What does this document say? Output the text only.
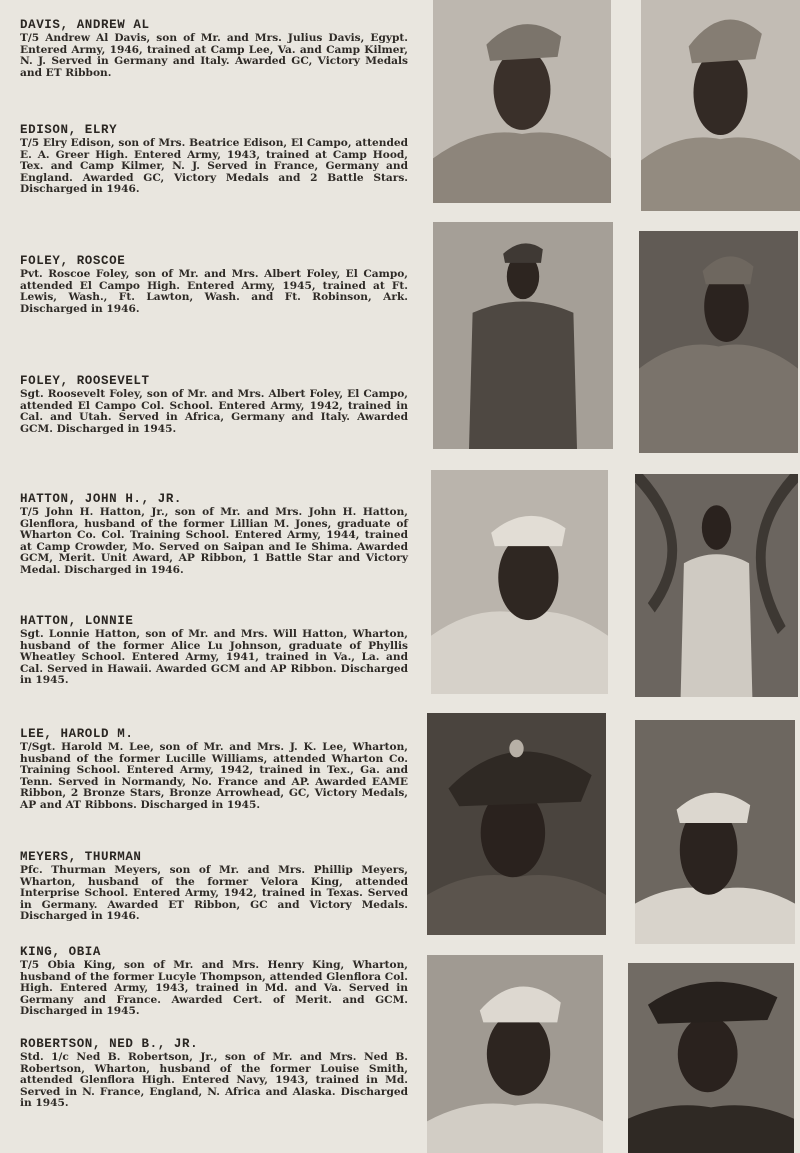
DAVIS, ANDREW AL

T/5 Andrew Al Davis, son of Mr. and Mrs. Julius Davis, Egypt. Entered Army, 1946, trained at Camp Lee, Va. and Camp Kilmer, N. J. Served in Germany and Italy. Awarded GC, Victory Medals and ET Ribbon.

EDISON, ELRY

T/5 Elry Edison, son of Mrs. Beatrice Edison, El Campo, attended E. A. Greer High. Entered Army, 1943, trained at Camp Hood, Tex. and Camp Kilmer, N. J. Served in France, Germany and England. Awarded GC, Victory Medals and 2 Battle Stars. Discharged in 1946.

FOLEY, ROSCOE

Pvt. Roscoe Foley, son of Mr. and Mrs. Albert Foley, El Campo, attended El Campo High. Entered Army, 1945, trained at Ft. Lewis, Wash., Ft. Lawton, Wash. and Ft. Robinson, Ark. Discharged in 1946.

FOLEY, ROOSEVELT

Sgt. Roosevelt Foley, son of Mr. and Mrs. Albert Foley, El Campo, attended El Campo Col. School. Entered Army, 1942, trained in Cal. and Utah. Served in Africa, Germany and Italy. Awarded GCM. Discharged in 1945.

HATTON, JOHN H., JR.

T/5 John H. Hatton, Jr., son of Mr. and Mrs. John H. Hatton, Glenflora, husband of the former Lillian M. Jones, graduate of Wharton Co. Col. Training School. Entered Army, 1944, trained at Camp Crowder, Mo. Served on Saipan and Ie Shima. Awarded GCM, Merit. Unit Award, AP Ribbon, 1 Battle Star and Victory Medal. Discharged in 1946.

HATTON, LONNIE

Sgt. Lonnie Hatton, son of Mr. and Mrs. Will Hatton, Wharton, husband of the former Alice Lu Johnson, graduate of Phyllis Wheatley School. Entered Army, 1941, trained in Va., La. and Cal. Served in Hawaii. Awarded GCM and AP Ribbon. Discharged in 1945.

LEE, HAROLD M.

T/Sgt. Harold M. Lee, son of Mr. and Mrs. J. K. Lee, Wharton, husband of the former Lucille Williams, attended Wharton Co. Training School. Entered Army, 1942, trained in Tex., Ga. and Tenn. Served in Normandy, No. France and AP. Awarded EAME Ribbon, 2 Bronze Stars, Bronze Arrowhead, GC, Victory Medals, AP and AT Ribbons. Discharged in 1945.

MEYERS, THURMAN

Pfc. Thurman Meyers, son of Mr. and Mrs. Phillip Meyers, Wharton, husband of the former Velora King, attended Interprise School. Entered Army, 1942, trained in Texas. Served in Germany. Awarded ET Ribbon, GC and Victory Medals. Discharged in 1946.

KING, OBIA

T/5 Obia King, son of Mr. and Mrs. Henry King, Wharton, husband of the former Lucyle Thompson, attended Glenflora Col. High. Entered Army, 1943, trained in Md. and Va. Served in Germany and France. Awarded Cert. of Merit. and GCM. Discharged in 1945.

ROBERTSON, NED B., JR.

Std. 1/c Ned B. Robertson, Jr., son of Mr. and Mrs. Ned B. Robertson, Wharton, husband of the former Louise Smith, attended Glenflora High. Entered Navy, 1943, trained in Md. Served in N. France, England, N. Africa and Alaska. Discharged in 1945.
